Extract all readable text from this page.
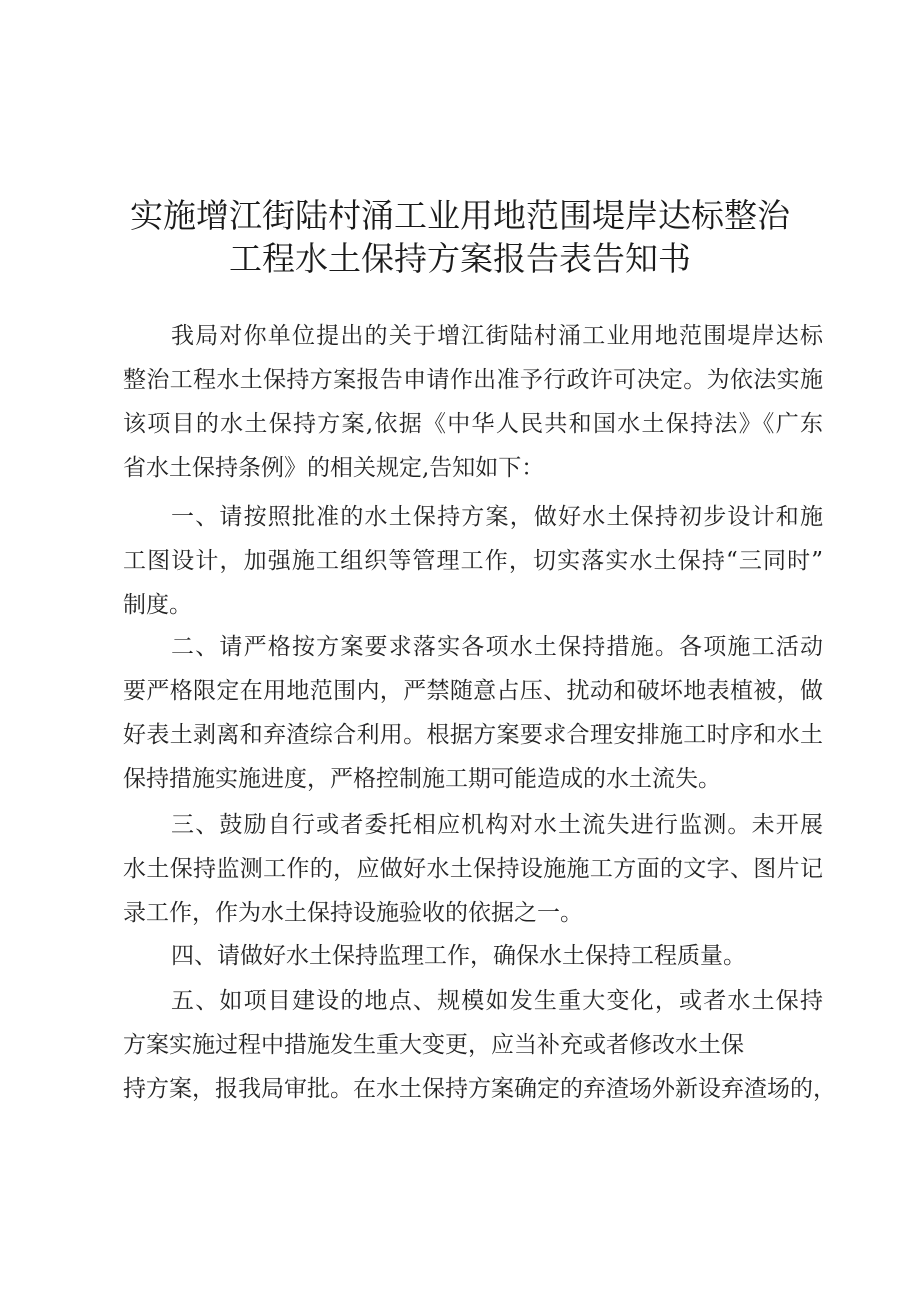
实施增江街陆村涌工业用地范围堤岸达标整治
工程水土保持方案报告表告知书
我局对你单位提出的关于增江街陆村涌工业用地范围堤岸达标
整治工程水土保持方案报告申请作出准予行政许可决定。为依法实施
该项目的水土保持方案,依据《中华人民共和国水土保持法》《广东
省水土保持条例》的相关规定,告知如下：
一、请按照批准的水土保持方案，做好水土保持初步设计和施
工图设计，加强施工组织等管理工作，切实落实水土保持“三同时”
制度。
二、请严格按方案要求落实各项水土保持措施。各项施工活动
要严格限定在用地范围内，严禁随意占压、扰动和破坏地表植被，做
好表土剥离和弃渣综合利用。根据方案要求合理安排施工时序和水土
保持措施实施进度，严格控制施工期可能造成的水土流失。
三、鼓励自行或者委托相应机构对水土流失进行监测。未开展
水土保持监测工作的，应做好水土保持设施施工方面的文字、图片记
录工作，作为水土保持设施验收的依据之一。
四、请做好水土保持监理工作，确保水土保持工程质量。
五、如项目建设的地点、规模如发生重大变化，或者水土保持
方案实施过程中措施发生重大变更，应当补充或者修改水土保
持方案，报我局审批。在水土保持方案确定的弃渣场外新设弃渣场的，
